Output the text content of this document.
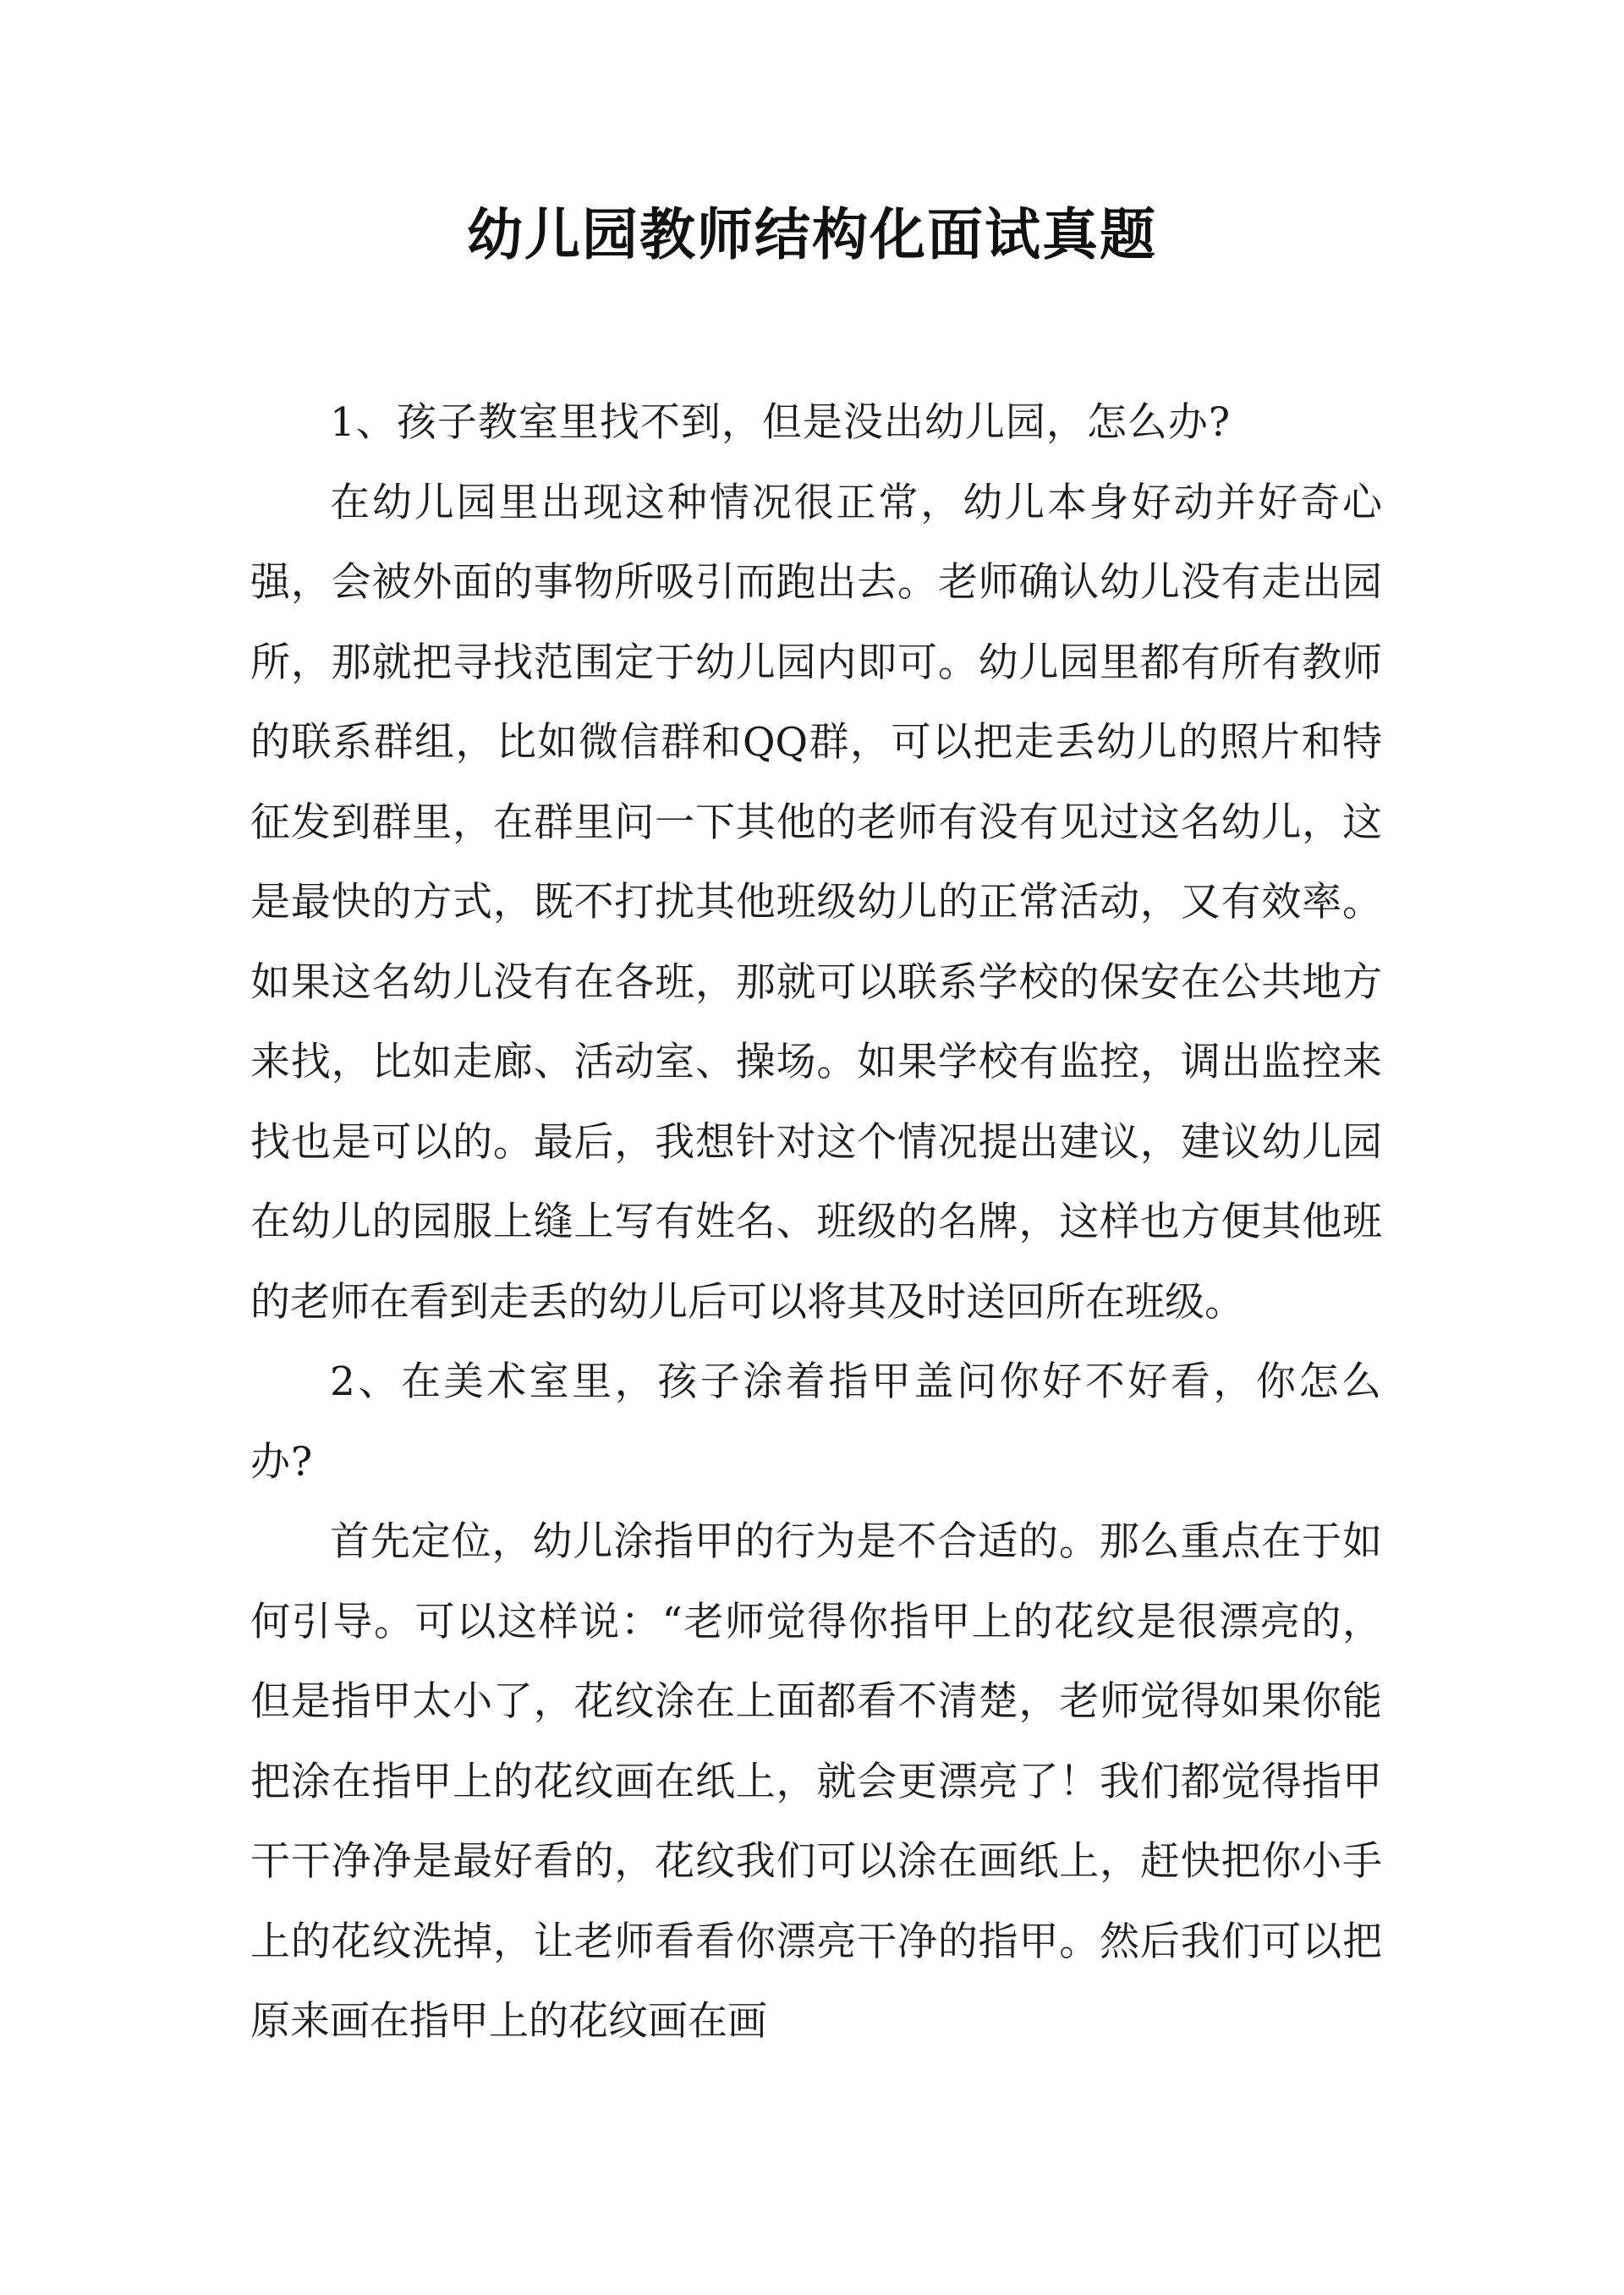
幼儿园教师结构化面试真题

1、孩子教室里找不到，但是没出幼儿园，怎么办?

在幼儿园里出现这种情况很正常，幼儿本身好动并好奇心强，会被外面的事物所吸引而跑出去。老师确认幼儿没有走出园所，那就把寻找范围定于幼儿园内即可。幼儿园里都有所有教师的联系群组，比如微信群和QQ群，可以把走丢幼儿的照片和特征发到群里，在群里问一下其他的老师有没有见过这名幼儿，这是最快的方式，既不打扰其他班级幼儿的正常活动，又有效率。如果这名幼儿没有在各班，那就可以联系学校的保安在公共地方来找，比如走廊、活动室、操场。如果学校有监控，调出监控来找也是可以的。最后，我想针对这个情况提出建议，建议幼儿园在幼儿的园服上缝上写有姓名、班级的名牌，这样也方便其他班的老师在看到走丢的幼儿后可以将其及时送回所在班级。

2、在美术室里，孩子涂着指甲盖问你好不好看，你怎么办?

首先定位，幼儿涂指甲的行为是不合适的。那么重点在于如何引导。可以这样说：“老师觉得你指甲上的花纹是很漂亮的，但是指甲太小了，花纹涂在上面都看不清楚，老师觉得如果你能把涂在指甲上的花纹画在纸上，就会更漂亮了！我们都觉得指甲干干净净是最好看的，花纹我们可以涂在画纸上，赶快把你小手上的花纹洗掉，让老师看看你漂亮干净的指甲。然后我们可以把原来画在指甲上的花纹画在画
